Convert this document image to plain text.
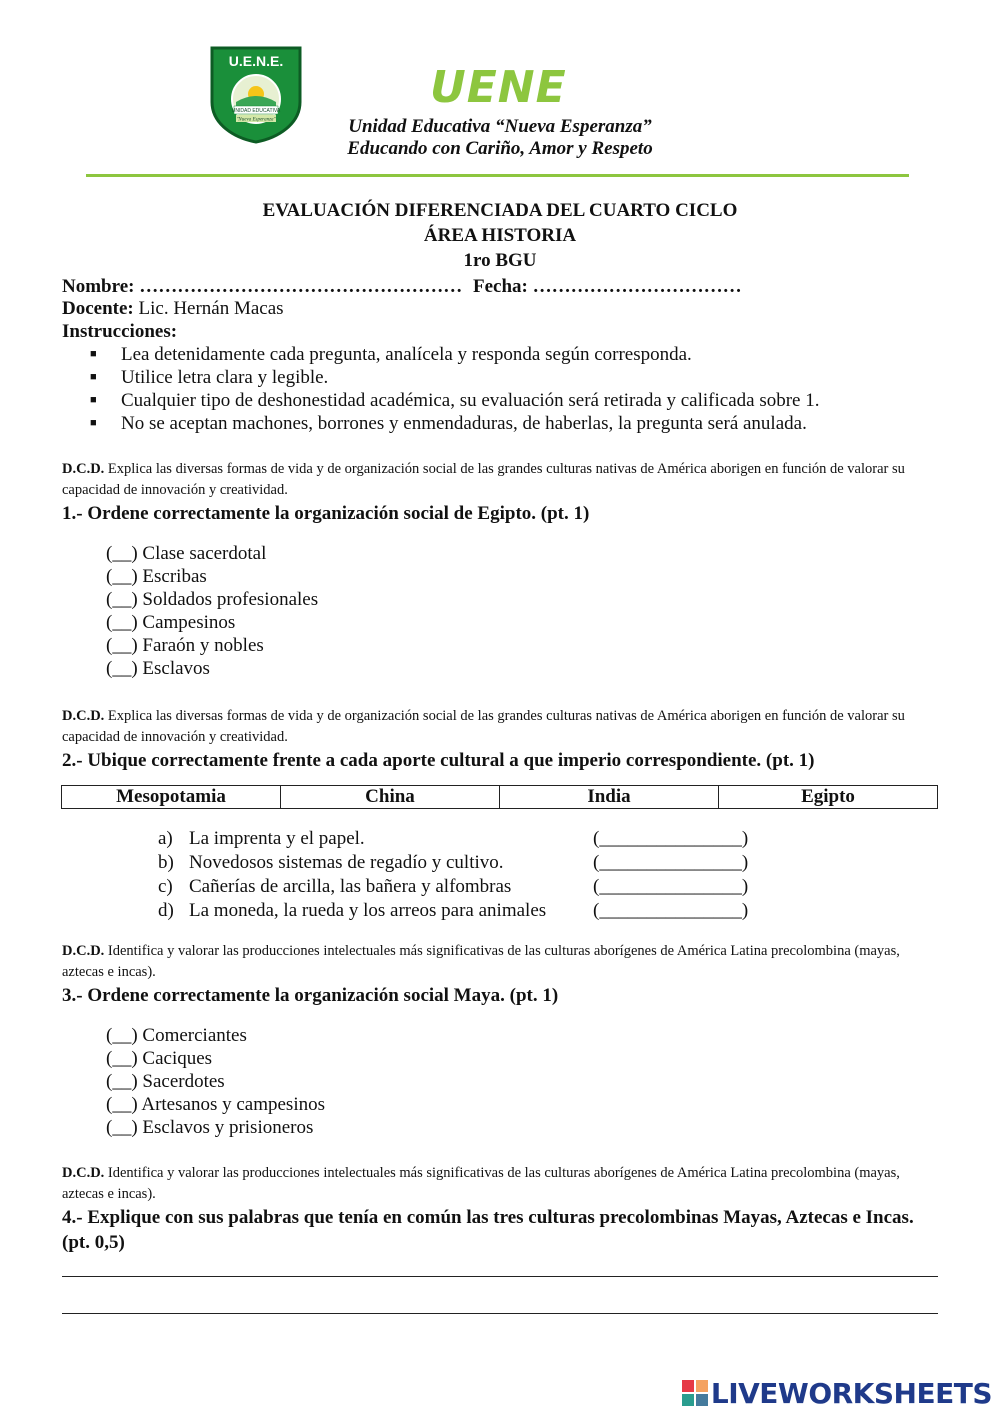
U.E.N.E.
UNIDAD EDUCATIVA
"Nueva Esperanza"
UENE
Unidad Educativa “Nueva Esperanza”
Educando con Cariño, Amor y Respeto
EVALUACIÓN DIFERENCIADA DEL CUARTO CICLO
ÁREA HISTORIA
1ro BGU
Nombre: …………………………………………… Fecha: ……………………………
Docente: Lic. Hernán Macas
Instrucciones:
■ Lea detenidamente cada pregunta, analícela y responda según corresponda.
■ Utilice letra clara y legible.
■ Cualquier tipo de deshonestidad académica, su evaluación será retirada y calificada sobre 1.
■ No se aceptan machones, borrones y enmendaduras, de haberlas, la pregunta será anulada.
D.C.D. Explica las diversas formas de vida y de organización social de las grandes culturas nativas de América aborigen en función de valorar su capacidad de innovación y creatividad.
1.- Ordene correctamente la organización social de Egipto. (pt. 1)
(__) Clase sacerdotal
(__) Escribas
(__) Soldados profesionales
(__) Campesinos
(__) Faraón y nobles
(__) Esclavos
D.C.D. Explica las diversas formas de vida y de organización social de las grandes culturas nativas de América aborigen en función de valorar su capacidad de innovación y creatividad.
2.- Ubique correctamente frente a cada aporte cultural a que imperio correspondiente. (pt. 1)
Mesopotamia	China	India	Egipto
a) La imprenta y el papel.	(_______________)
b) Novedosos sistemas de regadío y cultivo.	(_______________)
c) Cañerías de arcilla, las bañera y alfombras	(_______________)
d) La moneda, la rueda y los arreos para animales (_______________)
D.C.D. Identifica y valorar las producciones intelectuales más significativas de las culturas aborígenes de América Latina precolombina (mayas, aztecas e incas).
3.- Ordene correctamente la organización social Maya. (pt. 1)
(__) Comerciantes
(__) Caciques
(__) Sacerdotes
(__) Artesanos y campesinos
(__) Esclavos y prisioneros
D.C.D. Identifica y valorar las producciones intelectuales más significativas de las culturas aborígenes de América Latina precolombina (mayas, aztecas e incas).
4.- Explique con sus palabras que tenía en común las tres culturas precolombinas Mayas, Aztecas e Incas. (pt. 0,5)
LIVEWORKSHEETS
